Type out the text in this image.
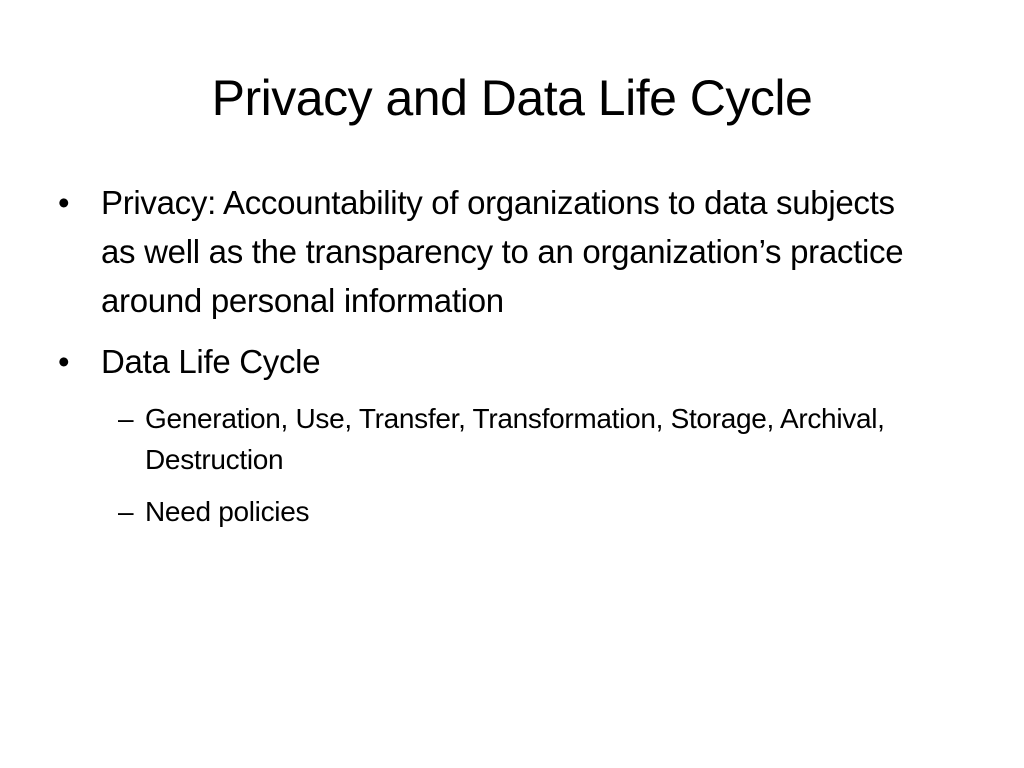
Privacy and Data Life Cycle
• Privacy: Accountability of organizations to data subjects as well as the transparency to an organization’s practice around personal information
• Data Life Cycle
– Generation, Use, Transfer, Transformation, Storage, Archival, Destruction
– Need policies
